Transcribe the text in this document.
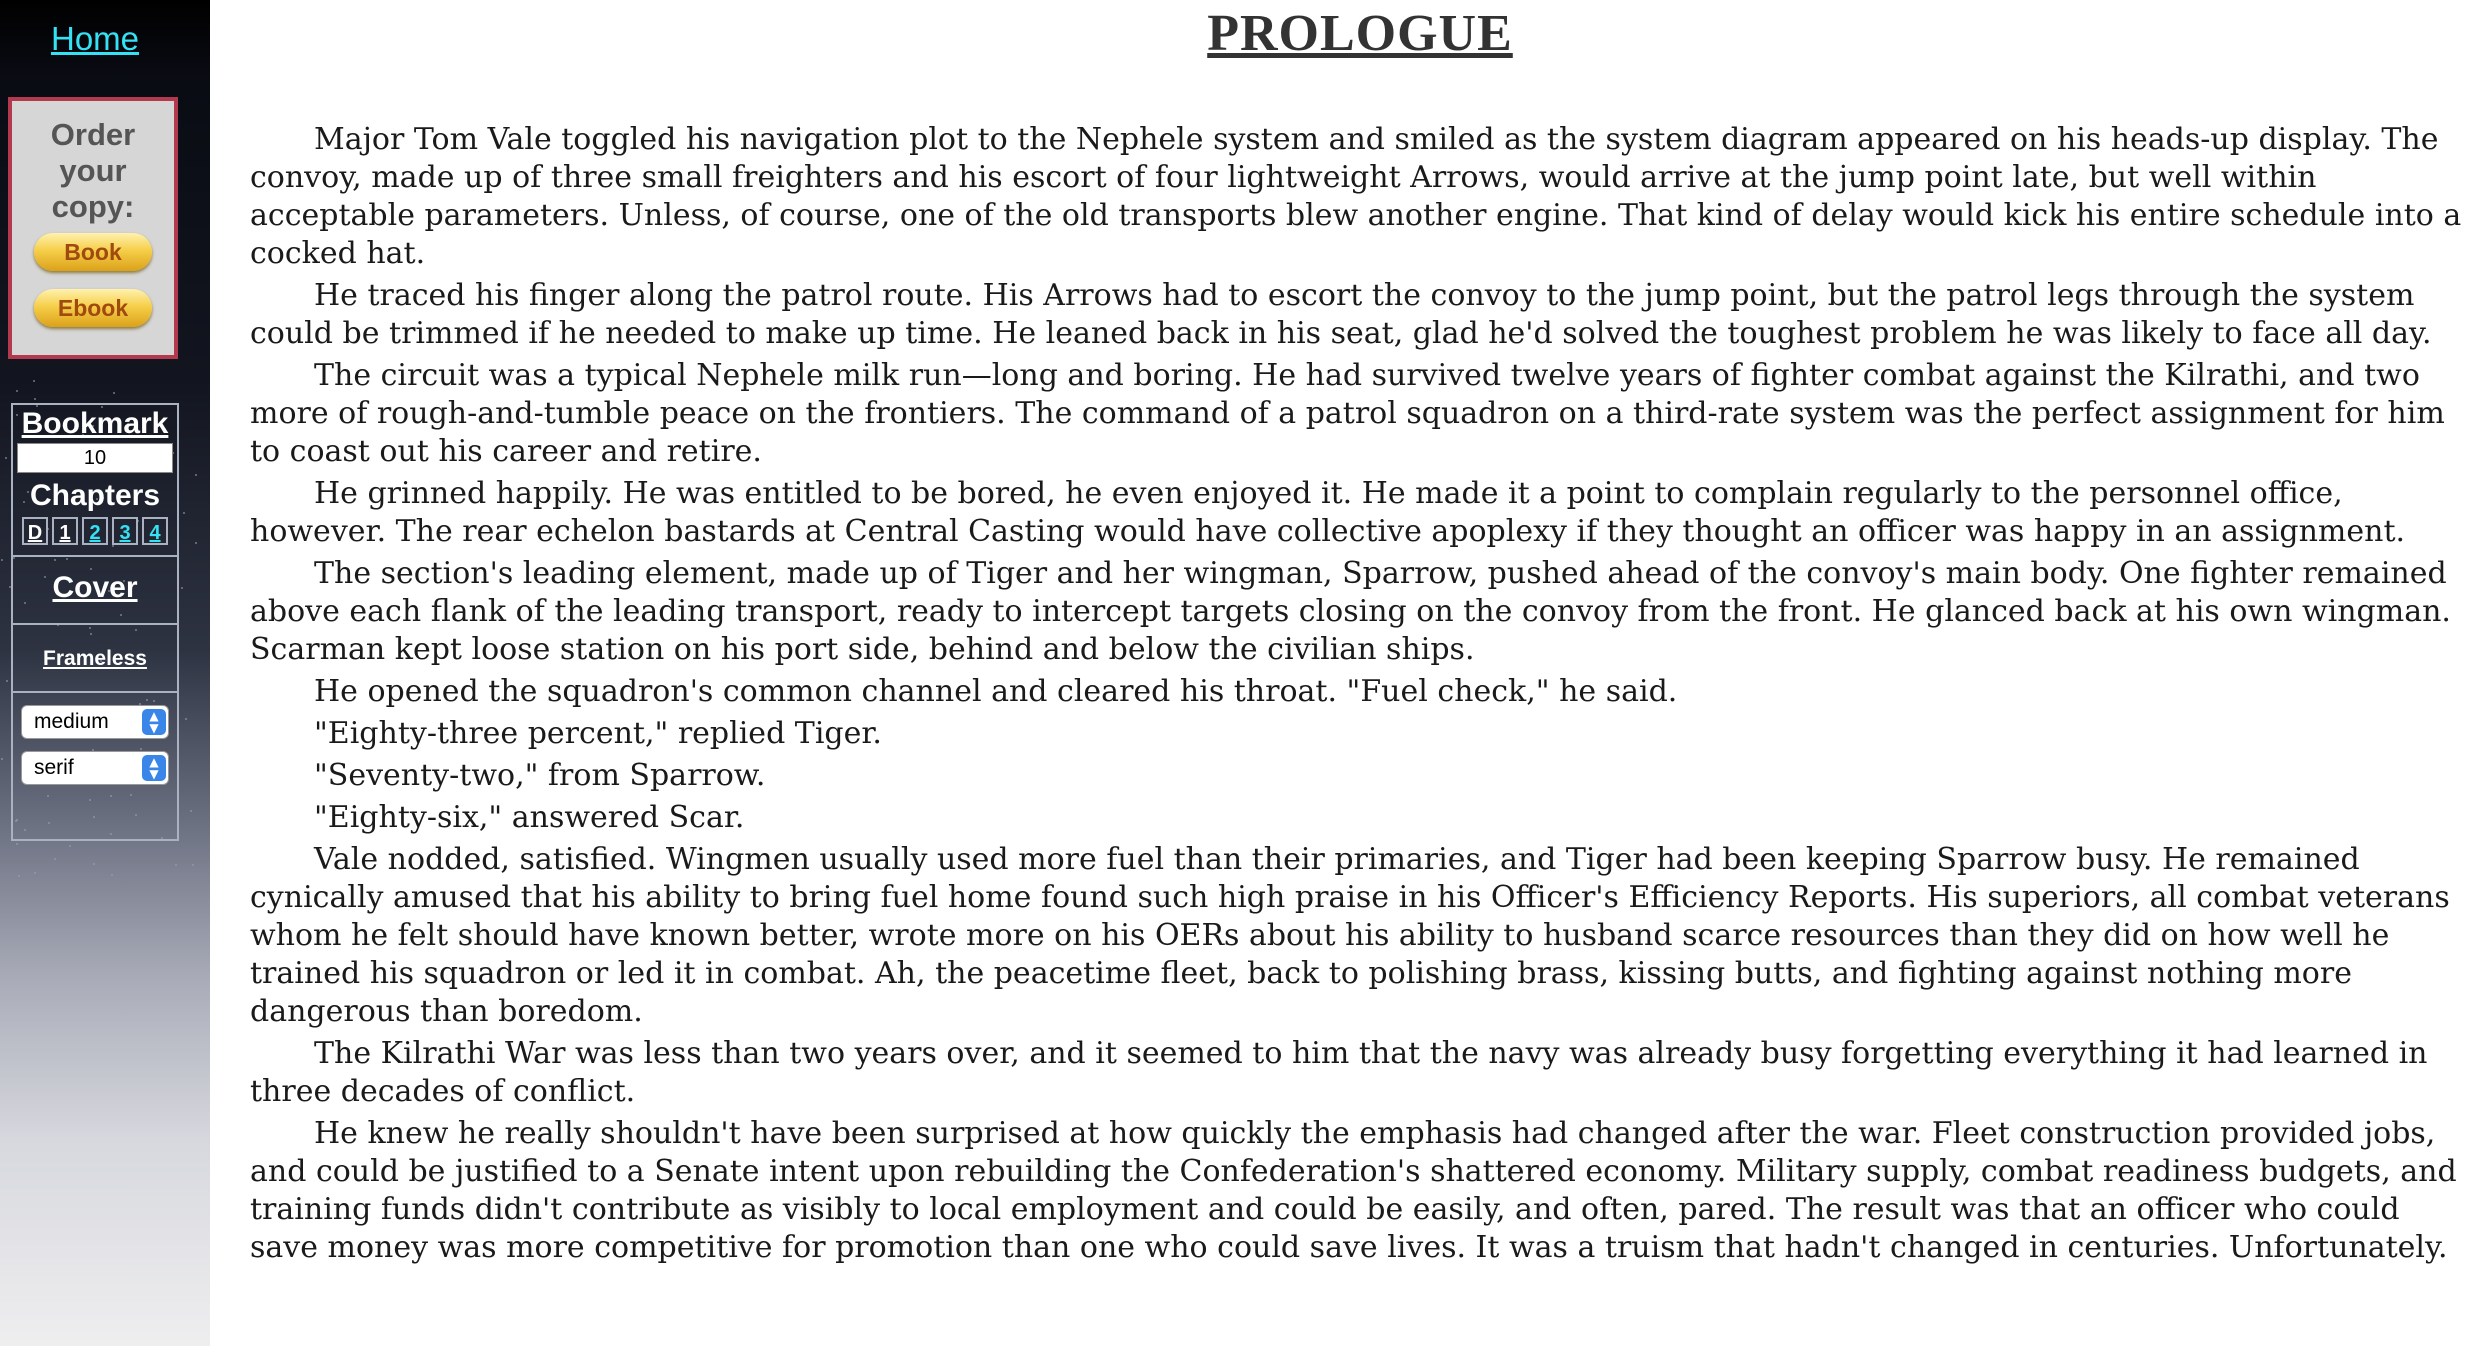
Home
Order
your
copy:
Book
Ebook
Bookmark
10
Chapters
D 1 2 3 4
Cover
Frameless
medium	▲
▼
serif	▲
▼
PROLOGUE

Major Tom Vale toggled his navigation plot to the Nephele system and smiled as the system diagram appeared on his heads-up display. The convoy, made up of three small freighters and his escort of four lightweight Arrows, would arrive at the jump point late, but well within acceptable parameters. Unless, of course, one of the old transports blew another engine. That kind of delay would kick his entire schedule into a cocked hat.

He traced his finger along the patrol route. His Arrows had to escort the convoy to the jump point, but the patrol legs through the system could be trimmed if he needed to make up time. He leaned back in his seat, glad he'd solved the toughest problem he was likely to face all day.

The circuit was a typical Nephele milk run—long and boring. He had survived twelve years of fighter combat against the Kilrathi, and two more of rough-and-tumble peace on the frontiers. The command of a patrol squadron on a third-rate system was the perfect assignment for him to coast out his career and retire.

He grinned happily. He was entitled to be bored, he even enjoyed it. He made it a point to complain regularly to the personnel office, however. The rear echelon bastards at Central Casting would have collective apoplexy if they thought an officer was happy in an assignment.

The section's leading element, made up of Tiger and her wingman, Sparrow, pushed ahead of the convoy's main body. One fighter remained above each flank of the leading transport, ready to intercept targets closing on the convoy from the front. He glanced back at his own wingman. Scarman kept loose station on his port side, behind and below the civilian ships.

He opened the squadron's common channel and cleared his throat. "Fuel check," he said.

"Eighty-three percent," replied Tiger.

"Seventy-two," from Sparrow.

"Eighty-six," answered Scar.

Vale nodded, satisfied. Wingmen usually used more fuel than their primaries, and Tiger had been keeping Sparrow busy. He remained cynically amused that his ability to bring fuel home found such high praise in his Officer's Efficiency Reports. His superiors, all combat veterans whom he felt should have known better, wrote more on his OERs about his ability to husband scarce resources than they did on how well he trained his squadron or led it in combat. Ah, the peacetime fleet, back to polishing brass, kissing butts, and fighting against nothing more dangerous than boredom.

The Kilrathi War was less than two years over, and it seemed to him that the navy was already busy forgetting everything it had learned in three decades of conflict.

He knew he really shouldn't have been surprised at how quickly the emphasis had changed after the war. Fleet construction provided jobs, and could be justified to a Senate intent upon rebuilding the Confederation's shattered economy. Military supply, combat readiness budgets, and training funds didn't contribute as visibly to local employment and could be easily, and often, pared. The result was that an officer who could save money was more competitive for promotion than one who could save lives. It was a truism that hadn't changed in centuries. Unfortunately.
